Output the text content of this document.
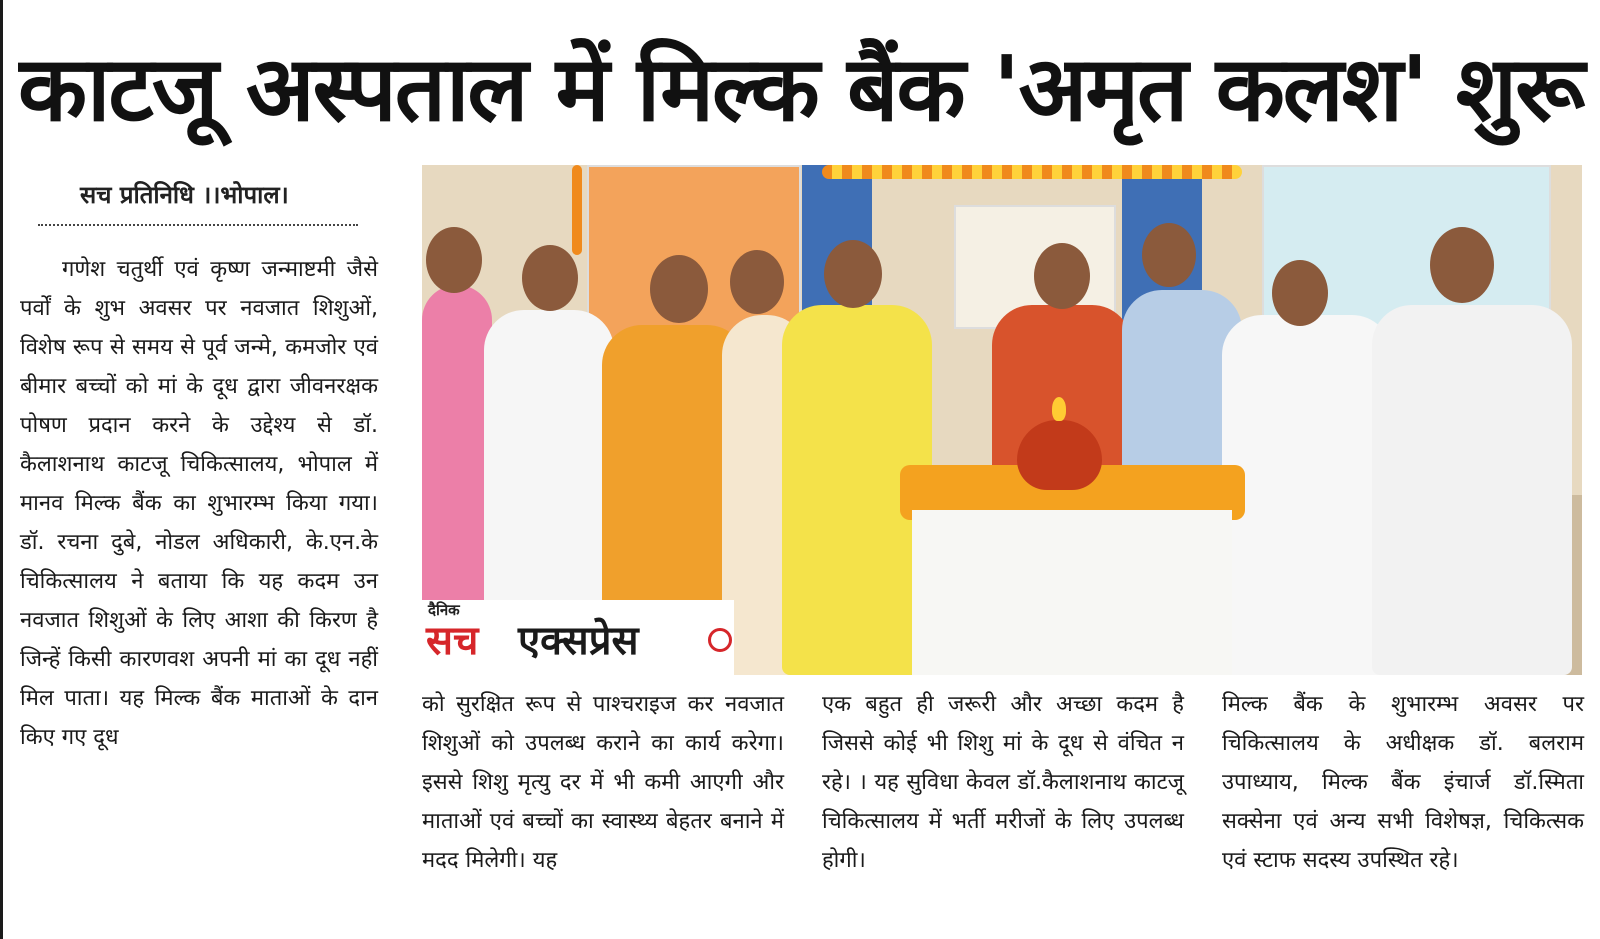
काटजू अस्पताल में मिल्क बैंक 'अमृत कलश' शुरू
सच प्रतिनिधि ।।भोपाल।
गणेश चतुर्थी एवं कृष्ण जन्माष्टमी जैसे पर्वों के शुभ अवसर पर नवजात शिशुओं, विशेष रूप से समय से पूर्व जन्मे, कमजोर एवं बीमार बच्चों को मां के दूध द्वारा जीवनरक्षक पोषण प्रदान करने के उद्देश्य से डॉ. कैलाशनाथ काटजू चिकित्सालय, भोपाल में मानव मिल्क बैंक का शुभारम्भ किया गया। डॉ. रचना दुबे, नोडल अधिकारी, के.एन.के चिकित्सालय ने बताया कि यह कदम उन नवजात शिशुओं के लिए आशा की किरण है जिन्हें किसी कारणवश अपनी मां का दूध नहीं मिल पाता। यह मिल्क बैंक माताओं के दान किए गए दूध
दैनिक
सच एक्सप्रेस
को सुरक्षित रूप से पाश्चराइज कर नवजात शिशुओं को उपलब्ध कराने का कार्य करेगा। इससे शिशु मृत्यु दर में भी कमी आएगी और माताओं एवं बच्चों का स्वास्थ्य बेहतर बनाने में मदद मिलेगी। यह
एक बहुत ही जरूरी और अच्छा कदम है जिससे कोई भी शिशु मां के दूध से वंचित न रहे। । यह सुविधा केवल डॉ.कैलाशनाथ काटजू चिकित्सालय में भर्ती मरीजों के लिए उपलब्ध होगी।
मिल्क बैंक के शुभारम्भ अवसर पर चिकित्सालय के अधीक्षक डॉ. बलराम उपाध्याय, मिल्क बैंक इंचार्ज डॉ.स्मिता सक्सेना एवं अन्य सभी विशेषज्ञ, चिकित्सक एवं स्टाफ सदस्य उपस्थित रहे।
